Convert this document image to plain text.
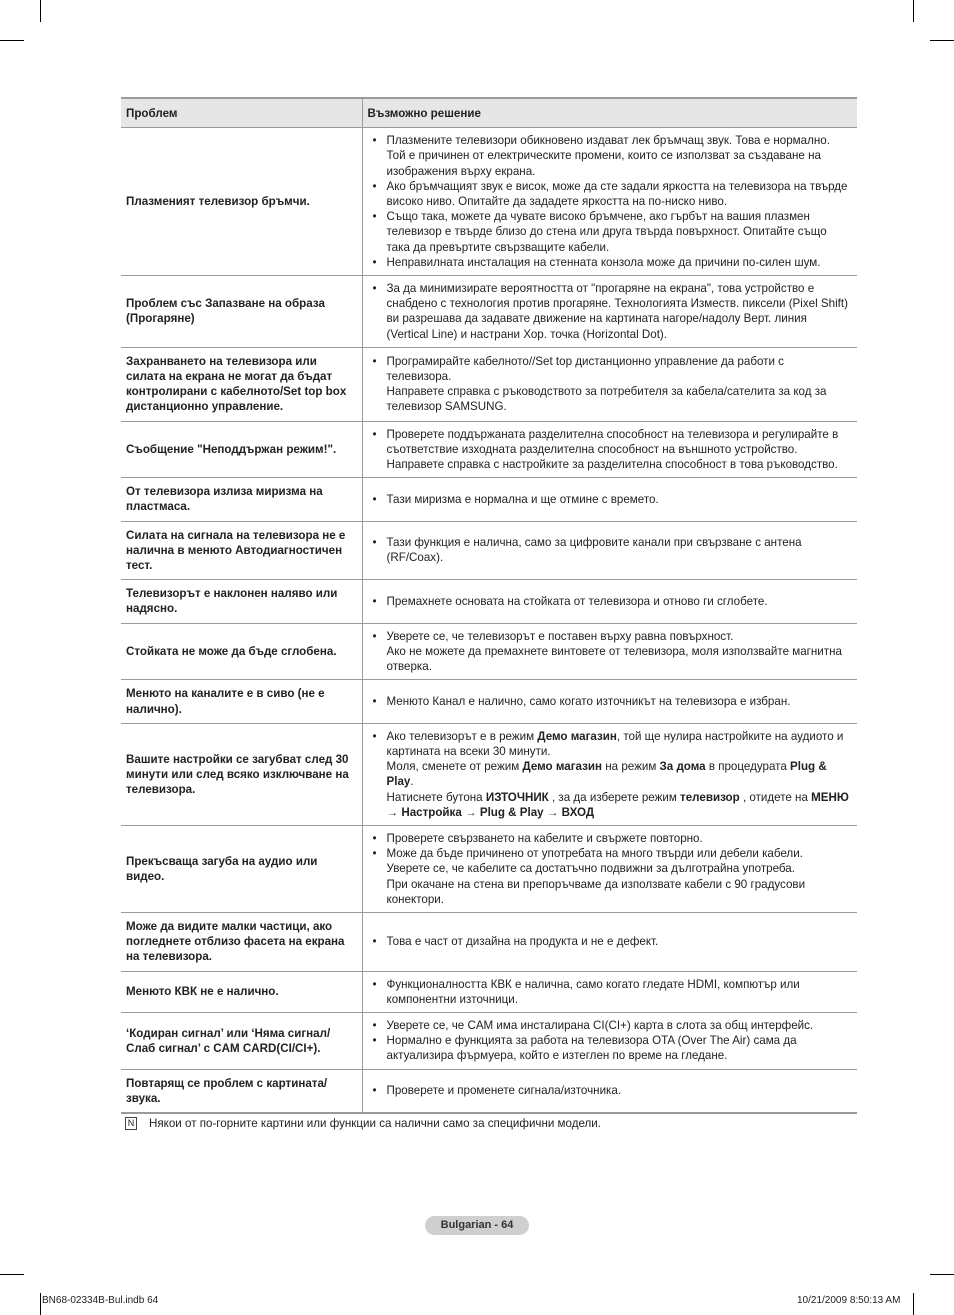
Проблем	Възможно решение
Плазменият телевизор бръмчи.	• Плазмените телевизори обикновено издават лек бръмчащ звук. Това е нормално. Той е причинен от електрическите промени, които се използват за създаване на изображения върху екрана.
• Ако бръмчащият звук е висок, може да сте задали яркостта на телевизора на твърде високо ниво. Опитайте да зададете яркостта на по-ниско ниво.
• Също така, можете да чувате високо бръмчене, ако гърбът на вашия плазмен телевизор е твърде близо до стена или друга твърда повърхност. Опитайте също така да превъртите свързващите кабели.
• Неправилната инсталация на стенната конзола може да причини по-силен шум.

Проблем със Запазване на образа (Прогаряне)	• За да минимизирате вероятността от "прогаряне на екрана", това устройство е снабдено с технология против прогаряне. Технологията Изместв. пиксели (Pixel Shift) ви разрешава да задавате движение на картината нагоре/надолу Верт. линия (Vertical Line) и настрани Хор. точка (Horizontal Dot).

Захранването на телевизора или силата на екрана не могат да бъдат контролирани с кабелното/Set top box дистанционно управление.	• Програмирайте кабелното//Set top дистанционно управление да работи с телевизора.
Направете справка с ръководството за потребителя за кабела/сателита за код за телевизор SAMSUNG.

Съобщение "Неподдържан режим!".	• Проверете поддържаната разделителна способност на телевизора и регулирайте в съответствие изходната разделителна способност на външното устройство.
Направете справка с настройките за разделителна способност в това ръководство.

От телевизора излиза миризма на пластмаса.	• Тази миризма е нормална и ще отмине с времето.

Силата на сигнала на телевизора не е налична в менюто Автодиагностичен тест.	• Тази функция е налична, само за цифровите канали при свързване с антена (RF/Coax).

Телевизорът е наклонен наляво или надясно.	• Премахнете основата на стойката от телевизора и отново ги сглобете.

Стойката не може да бъде сглобена.	• Уверете се, че телевизорът е поставен върху равна повърхност.
Ако не можете да премахнете винтовете от телевизора, моля използвайте магнитна отверка.

Менюто на каналите е в сиво (не е налично).	• Менюто Канал е налично, само когато източникът на телевизора е избран.

Вашите настройки се загубват след 30 минути или след всяко изключване на телевизора.	• Ако телевизорът е в режим Демо магазин, той ще нулира настройките на аудиото и картината на всеки 30 минути.
Моля, сменете от режим Демо магазин на режим За дома в процедурата Plug & Play.
Натиснете бутона ИЗТОЧНИК , за да изберете режим телевизор , отидете на МЕНЮ → Настройка → Plug & Play → ВХОД

Прекъсваща загуба на аудио или видео.	• Проверете свързването на кабелите и свържете повторно.
• Може да бъде причинено от употребата на много твърди или дебели кабели.
Уверете се, че кабелите са достатъчно подвижни за дълготрайна употреба.
При окачане на стена ви препоръчваме да използвате кабели с 90 градусови конектори.

Може да видите малки частици, ако погледнете отблизо фасета на екрана на телевизора.	• Това е част от дизайна на продукта и не е дефект.

Менюто КВК не е налично.	• Функционалността КВК е налична, само когато гледате HDMI, компютър или компонентни източници.

‘Кодиран сигнал’ или ‘Няма сигнал/ Слаб сигнал’ с CAM CARD(CI/CI+).	• Уверете се, че CAM има инсталирана CI(CI+) карта в слота за общ интерфейс.
• Нормално е функцията за работа на телевизора OTA (Over The Air) сама да актуализира фърмуера, който е изтеглен по време на гледане.

Повтарящ се проблем с картината/ звука.	• Проверете и променете сигнала/източника.
N Някои от по-горните картини или функции са налични само за специфични модели.
Bulgarian - 64
BN68-02334B-Bul.indb 64	10/21/2009 8:50:13 AM
